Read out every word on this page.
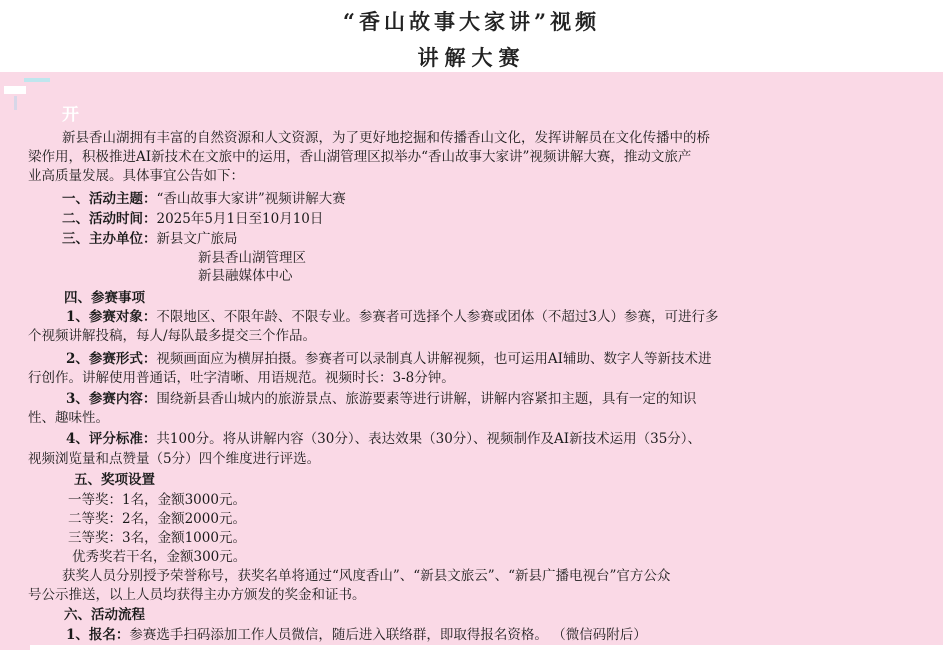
“香山故事大家讲”视频
讲解大赛
开
新县香山湖拥有丰富的自然资源和人文资源，为了更好地挖掘和传播香山文化，发挥讲解员在文化传播中的桥
梁作用，积极推进AI新技术在文旅中的运用，香山湖管理区拟举办“香山故事大家讲”视频讲解大赛，推动文旅产
业高质量发展。具体事宜公告如下：
一、活动主题：“香山故事大家讲”视频讲解大赛
二、活动时间：2025年5月1日至10月10日
三、主办单位：新县文广旅局
新县香山湖管理区
新县融媒体中心
四、参赛事项
1、参赛对象：不限地区、不限年龄、不限专业。参赛者可选择个人参赛或团体（不超过3人）参赛，可进行多
个视频讲解投稿，每人/每队最多提交三个作品。
2、参赛形式：视频画面应为横屏拍摄。参赛者可以录制真人讲解视频，也可运用AI辅助、数字人等新技术进
行创作。讲解使用普通话，吐字清晰、用语规范。视频时长：3-8分钟。
3、参赛内容：围绕新县香山城内的旅游景点、旅游要素等进行讲解，讲解内容紧扣主题，具有一定的知识
性、趣味性。
4、评分标准：共100分。将从讲解内容（30分）、表达效果（30分）、视频制作及AI新技术运用（35分）、
视频浏览量和点赞量（5分）四个维度进行评选。
五、奖项设置
一等奖：1名，金额3000元。
二等奖：2名，金额2000元。
三等奖：3名，金额1000元。
优秀奖若干名，金额300元。
获奖人员分别授予荣誉称号，获奖名单将通过“风度香山”、“新县文旅云”、“新县广播电视台”官方公众
号公示推送，以上人员均获得主办方颁发的奖金和证书。
六、活动流程
1、报名：参赛选手扫码添加工作人员微信，随后进入联络群，即取得报名资格。 （微信码附后）
